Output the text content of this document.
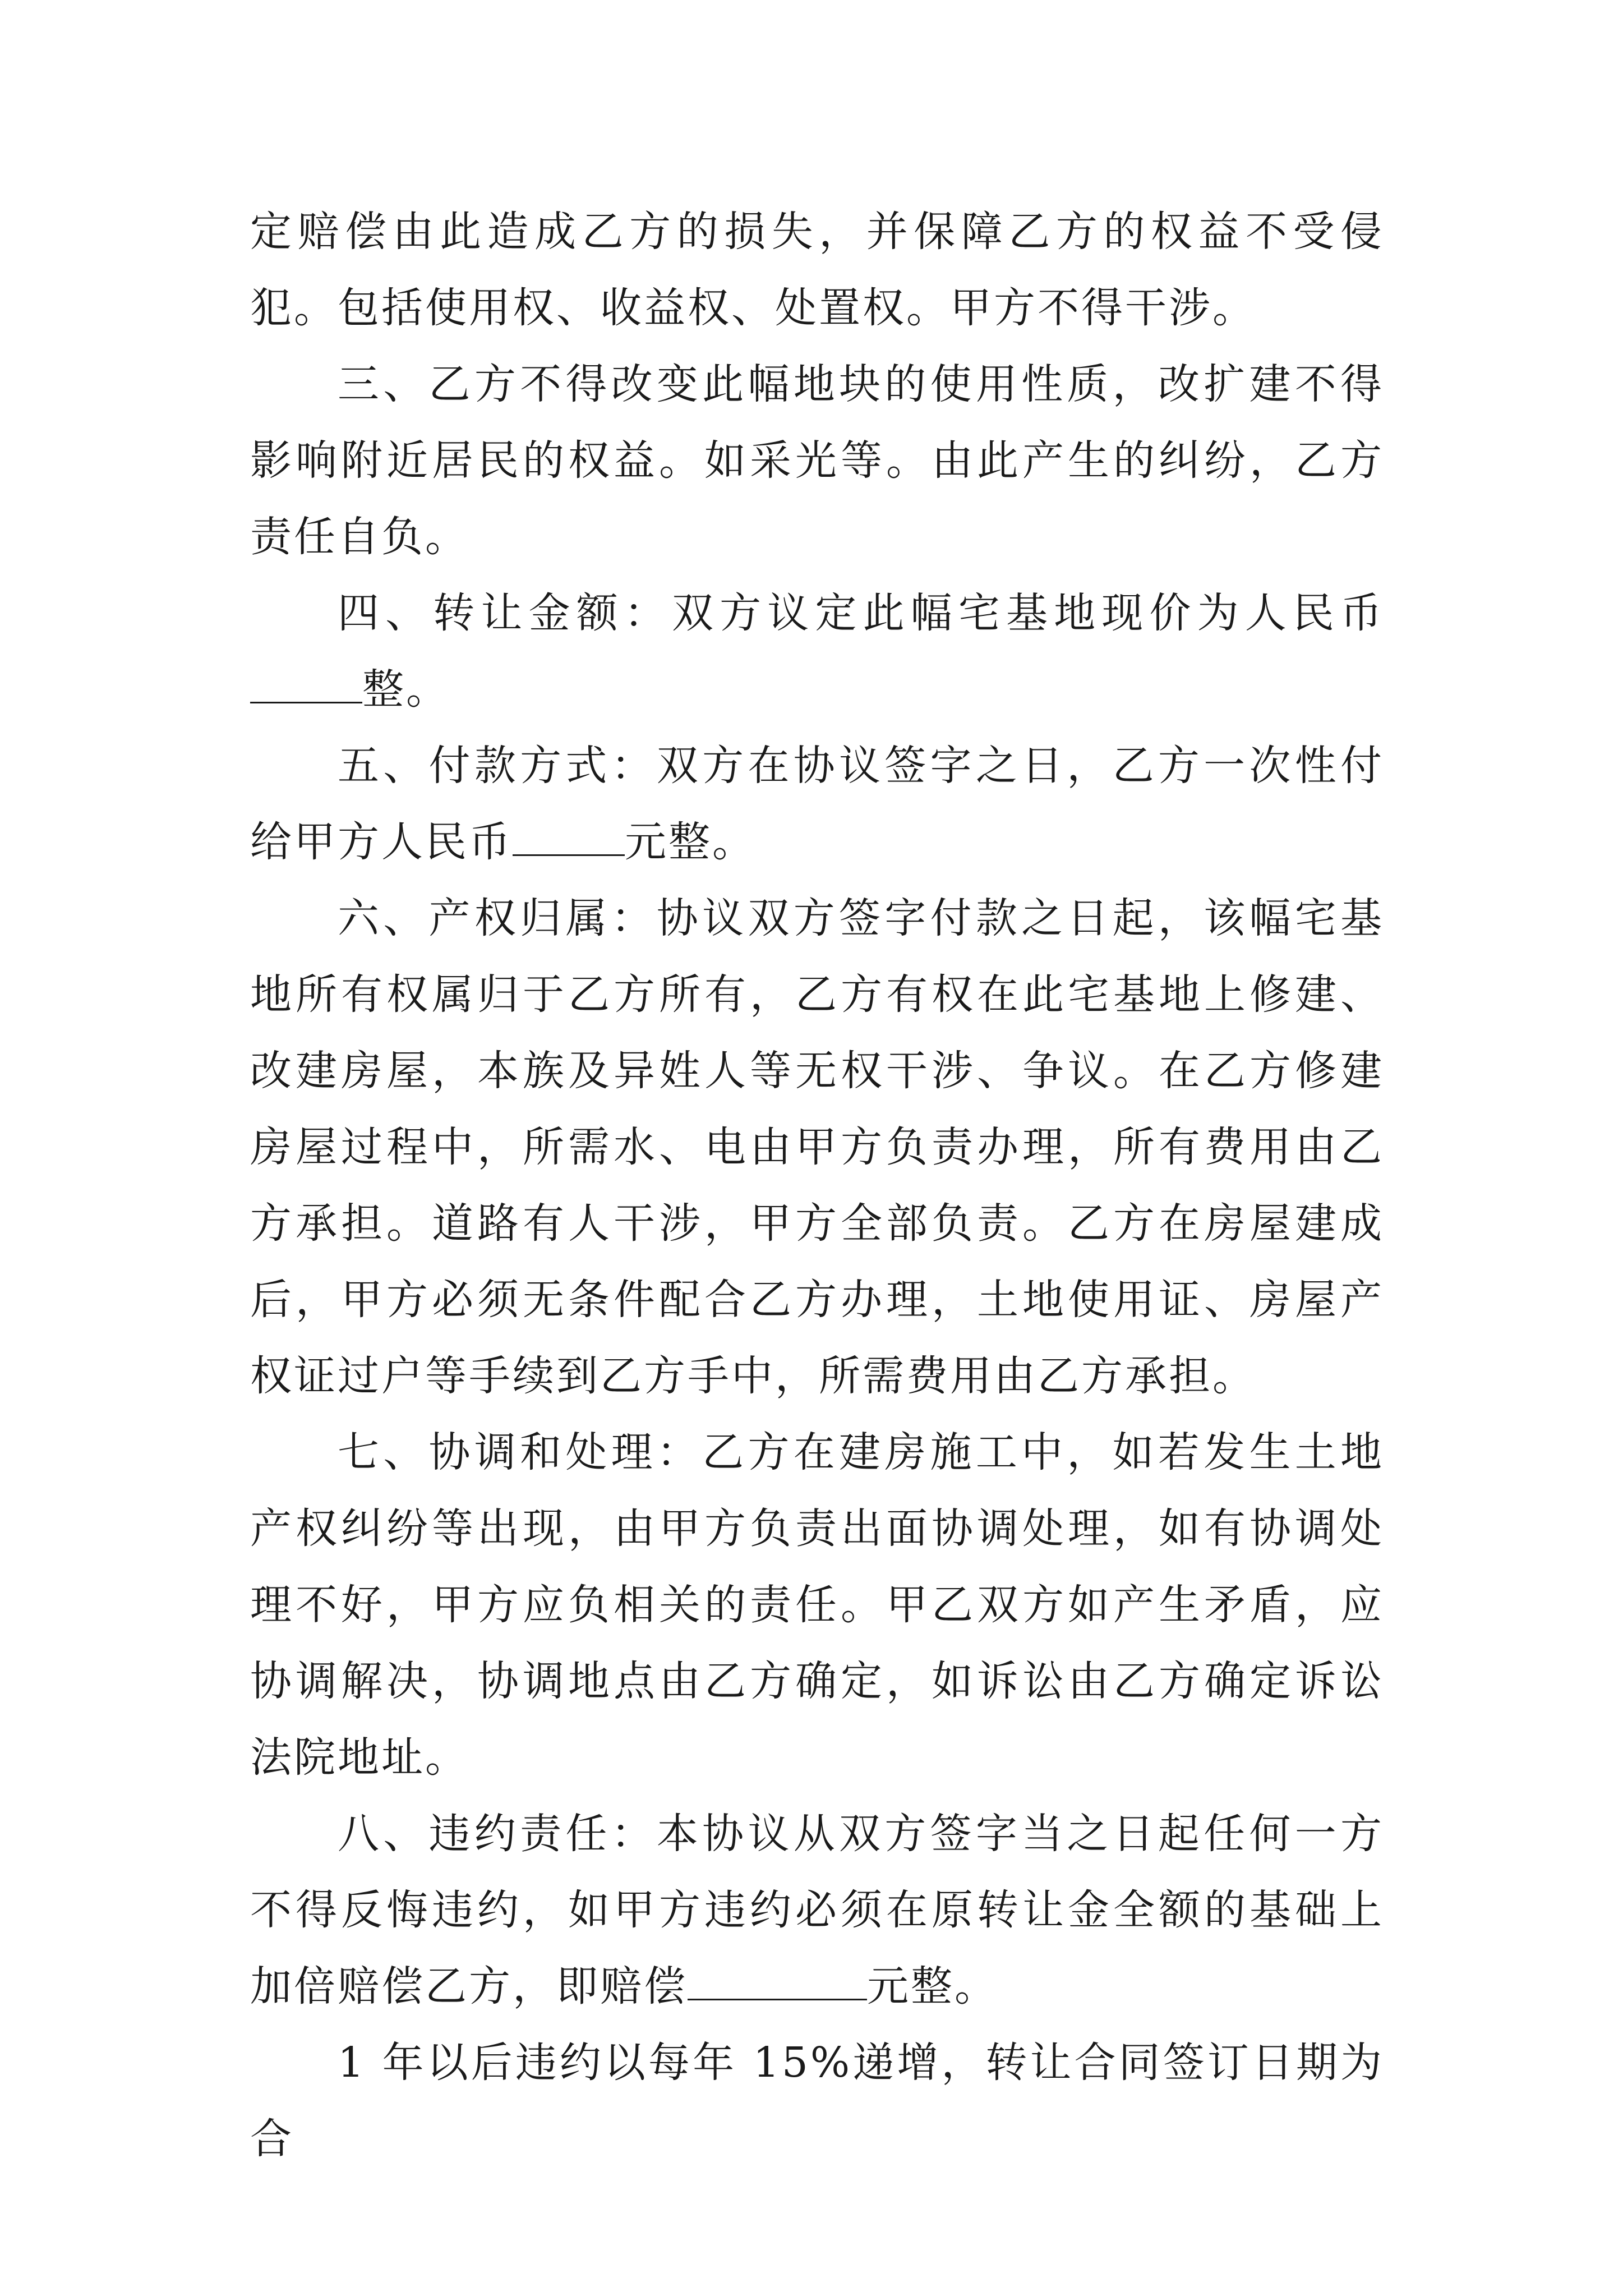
定赔偿由此造成乙方的损失，并保障乙方的权益不受侵犯。包括使用权、收益权、处置权。甲方不得干涉。

三、乙方不得改变此幅地块的使用性质，改扩建不得影响附近居民的权益。如采光等。由此产生的纠纷，乙方责任自负。

四、转让金额：双方议定此幅宅基地现价为人民币整。

五、付款方式：双方在协议签字之日，乙方一次性付给甲方人民币	元整。

六、产权归属：协议双方签字付款之日起，该幅宅基地所有权属归于乙方所有，乙方有权在此宅基地上修建、改建房屋，本族及异姓人等无权干涉、争议。在乙方修建房屋过程中，所需水、电由甲方负责办理，所有费用由乙方承担。道路有人干涉，甲方全部负责。乙方在房屋建成后，甲方必须无条件配合乙方办理，土地使用证、房屋产权证过户等手续到乙方手中，所需费用由乙方承担。

七、协调和处理：乙方在建房施工中，如若发生土地产权纠纷等出现，由甲方负责出面协调处理，如有协调处理不好，甲方应负相关的责任。甲乙双方如产生矛盾，应协调解决，协调地点由乙方确定，如诉讼由乙方确定诉讼法院地址。

八、违约责任：本协议从双方签字当之日起任何一方不得反悔违约，如甲方违约必须在原转让金全额的基础上加倍赔偿乙方，即赔偿	元整。

1 年以后违约以每年 15%递增，转让合同签订日期为合
